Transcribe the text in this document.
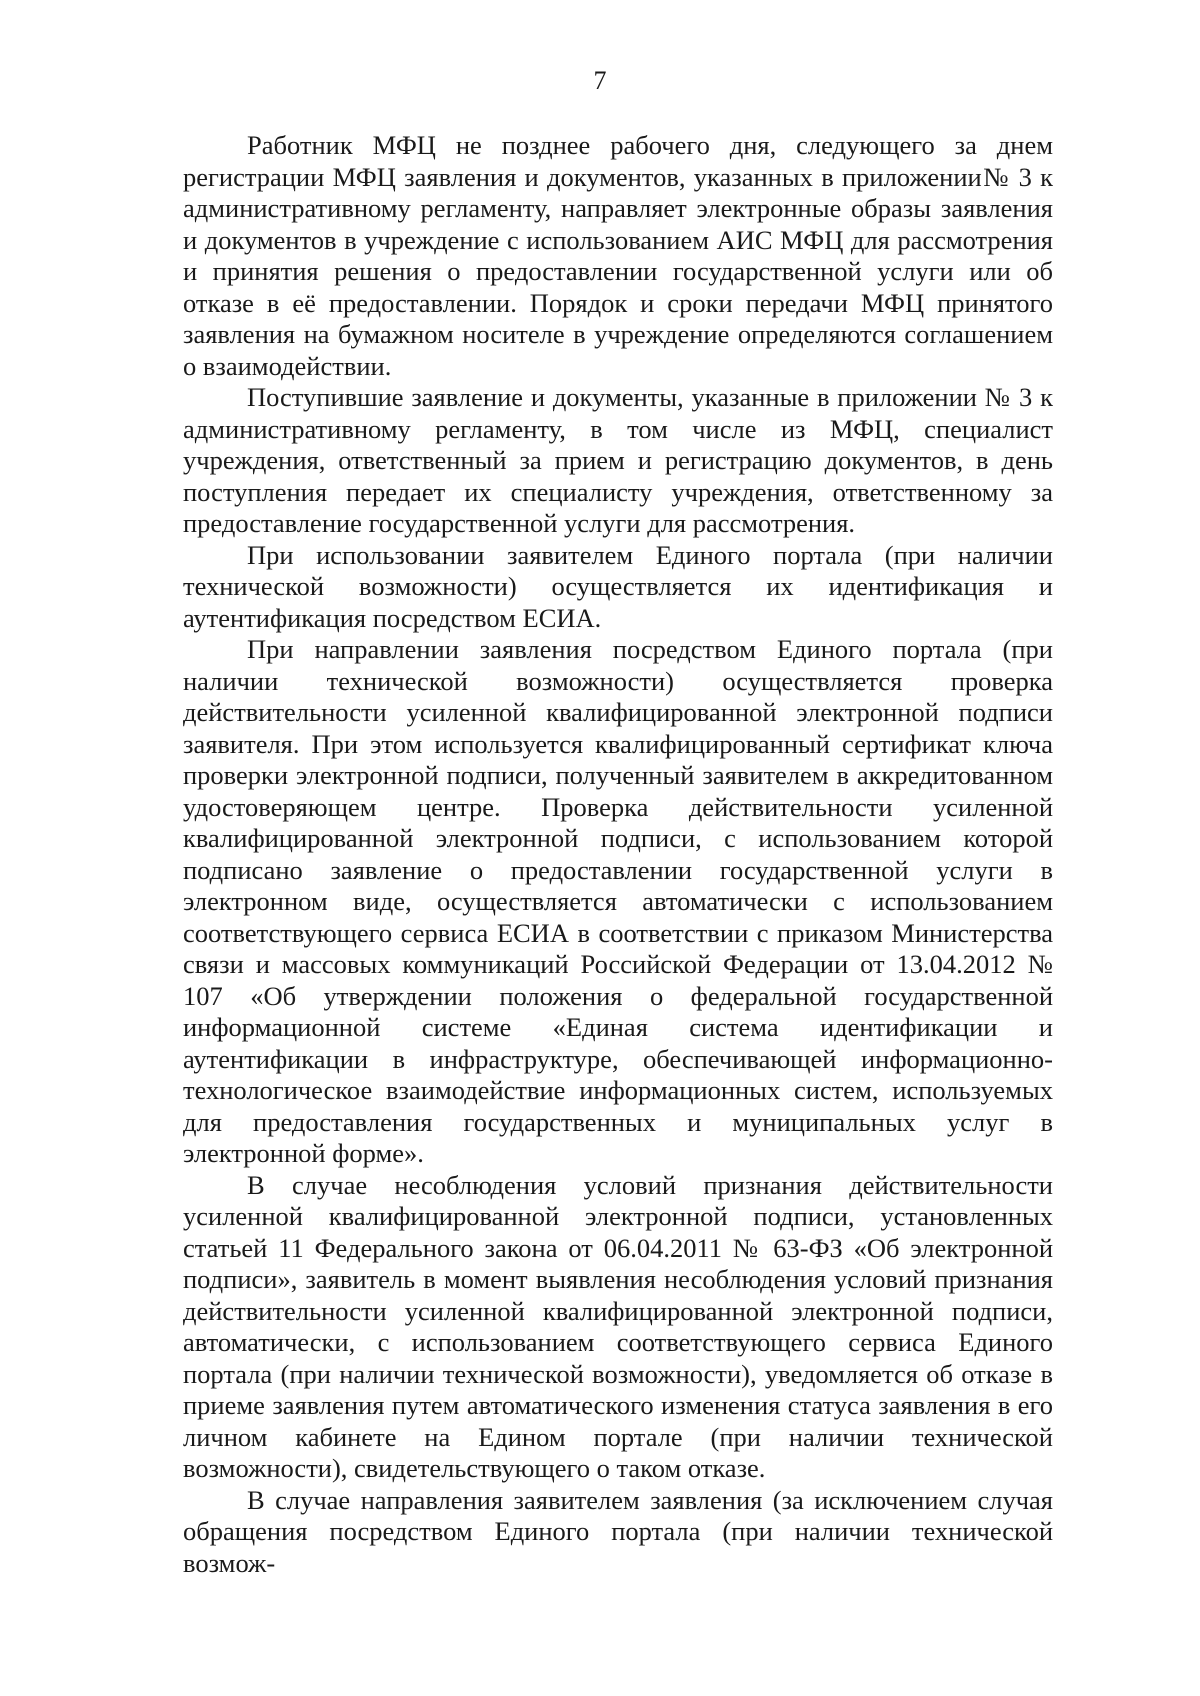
7

Работник МФЦ не позднее рабочего дня, следующего за днем регистрации МФЦ заявления и документов, указанных в приложении№ 3 к административному регламенту, направляет электронные образы заявления и документов в учреждение с использованием АИС МФЦ для рассмотрения и принятия решения о предоставлении государственной услуги или об отказе в её предоставлении. Порядок и сроки передачи МФЦ принятого заявления на бумажном носителе в учреждение определяются соглашением о взаимодействии.

Поступившие заявление и документы, указанные в приложении № 3 к административному регламенту, в том числе из МФЦ, специалист учреждения, ответственный за прием и регистрацию документов, в день поступления передает их специалисту учреждения, ответственному за предоставление государственной услуги для рассмотрения.

При использовании заявителем Единого портала (при наличии технической возможности) осуществляется их идентификация и аутентификация посредством ЕСИА.

При направлении заявления посредством Единого портала (при наличии технической возможности) осуществляется проверка действительности усиленной квалифицированной электронной подписи заявителя. При этом используется квалифицированный сертификат ключа проверки электронной подписи, полученный заявителем в аккредитованном удостоверяющем центре. Проверка действительности усиленной квалифицированной электронной подписи, с использованием которой подписано заявление о предоставлении государственной услуги в электронном виде, осуществляется автоматически с использованием соответствующего сервиса ЕСИА в соответствии с приказом Министерства связи и массовых коммуникаций Российской Федерации от 13.04.2012 № 107 «Об утверждении положения о федеральной государственной информационной системе «Единая система идентификации и аутентификации в инфраструктуре, обеспечивающей информационно-технологическое взаимодействие информационных систем, используемых для предоставления государственных и муниципальных услуг в электронной форме».

В случае несоблюдения условий признания действительности усиленной квалифицированной электронной подписи, установленных статьей 11 Федерального закона от 06.04.2011 № 63-ФЗ «Об электронной подписи», заявитель в момент выявления несоблюдения условий признания действительности усиленной квалифицированной электронной подписи, автоматически, с использованием соответствующего сервиса Единого портала (при наличии технической возможности), уведомляется об отказе в приеме заявления путем автоматического изменения статуса заявления в его личном кабинете на Едином портале (при наличии технической возможности), свидетельствующего о таком отказе.

В случае направления заявителем заявления (за исключением случая обращения посредством Единого портала (при наличии технической возмож-
